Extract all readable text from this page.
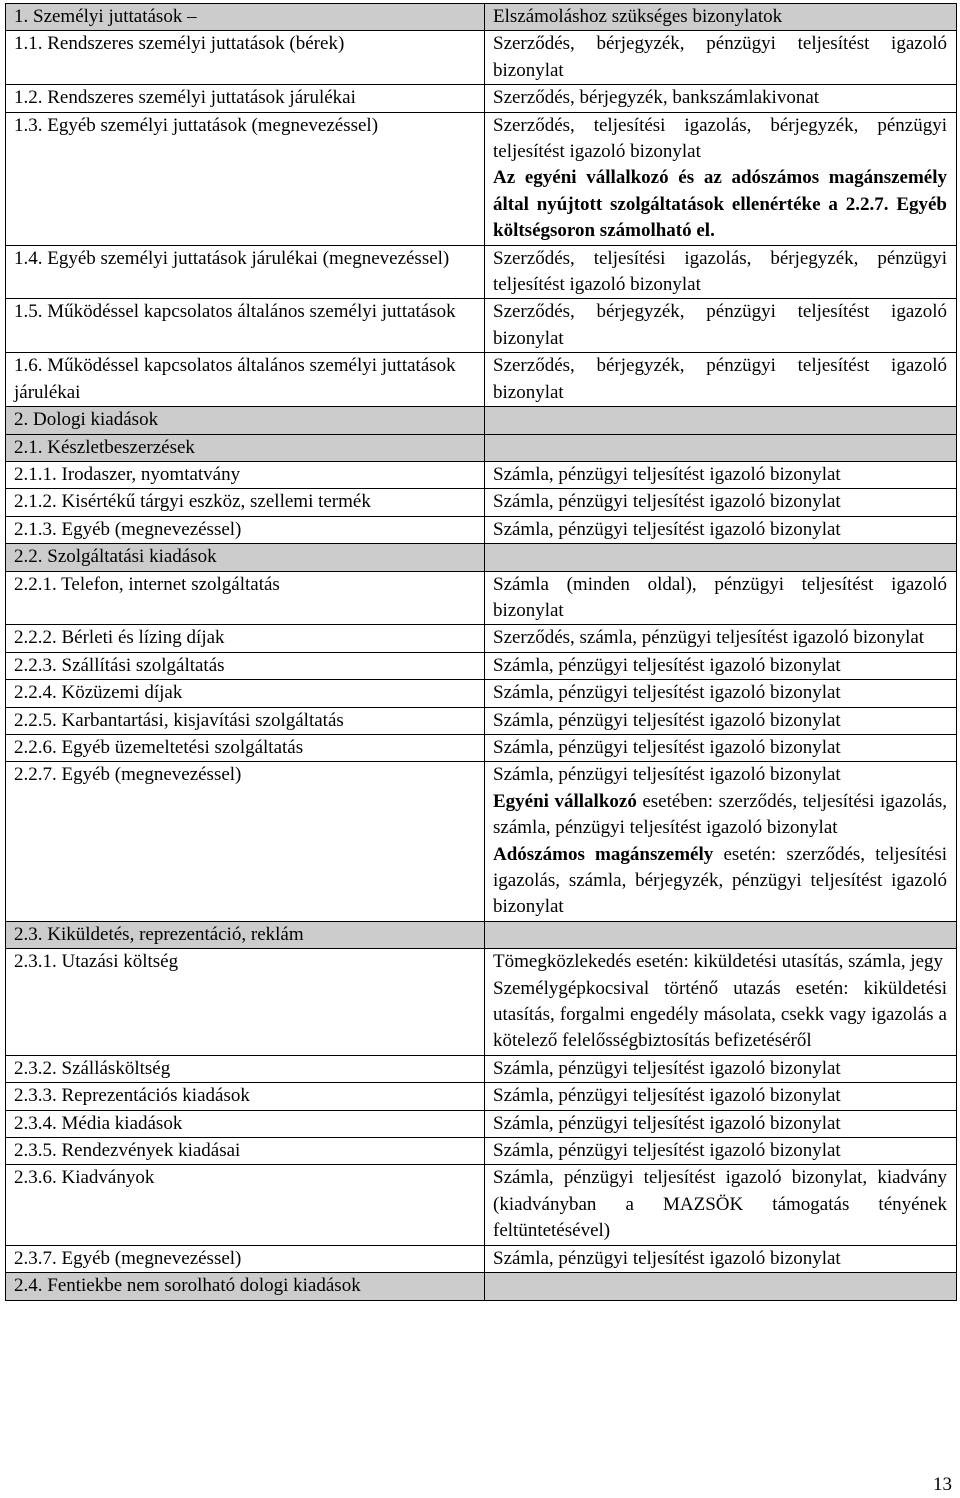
1. Személyi juttatások –	Elszámoláshoz szükséges bizonylatok
1.1. Rendszeres személyi juttatások (bérek)	Szerződés, bérjegyzék, pénzügyi teljesítést igazoló bizonylat
1.2. Rendszeres személyi juttatások járulékai	Szerződés, bérjegyzék, bankszámlakivonat
1.3. Egyéb személyi juttatások (megnevezéssel)	Szerződés, teljesítési igazolás, bérjegyzék, pénzügyi teljesítést igazoló bizonylat
Az egyéni vállalkozó és az adószámos magánszemély által nyújtott szolgáltatások ellenértéke a 2.2.7. Egyéb költségsoron számolható el.

1.4. Egyéb személyi juttatások járulékai (megnevezéssel)	Szerződés, teljesítési igazolás, bérjegyzék, pénzügyi teljesítést igazoló bizonylat
1.5. Működéssel kapcsolatos általános személyi juttatások	Szerződés, bérjegyzék, pénzügyi teljesítést igazoló bizonylat
1.6. Működéssel kapcsolatos általános személyi juttatások járulékai	Szerződés, bérjegyzék, pénzügyi teljesítést igazoló bizonylat
2. Dologi kiadások	
2.1. Készletbeszerzések	
2.1.1. Irodaszer, nyomtatvány	Számla, pénzügyi teljesítést igazoló bizonylat
2.1.2. Kisértékű tárgyi eszköz, szellemi termék	Számla, pénzügyi teljesítést igazoló bizonylat
2.1.3. Egyéb (megnevezéssel)	Számla, pénzügyi teljesítést igazoló bizonylat
2.2. Szolgáltatási kiadások	
2.2.1. Telefon, internet szolgáltatás	Számla (minden oldal), pénzügyi teljesítést igazoló bizonylat
2.2.2. Bérleti és lízing díjak	Szerződés, számla, pénzügyi teljesítést igazoló bizonylat
2.2.3. Szállítási szolgáltatás	Számla, pénzügyi teljesítést igazoló bizonylat
2.2.4. Közüzemi díjak	Számla, pénzügyi teljesítést igazoló bizonylat
2.2.5. Karbantartási, kisjavítási szolgáltatás	Számla, pénzügyi teljesítést igazoló bizonylat
2.2.6. Egyéb üzemeltetési szolgáltatás	Számla, pénzügyi teljesítést igazoló bizonylat
2.2.7. Egyéb (megnevezéssel)	Számla, pénzügyi teljesítést igazoló bizonylat
Egyéni vállalkozó esetében: szerződés, teljesítési igazolás, számla, pénzügyi teljesítést igazoló bizonylat
Adószámos magánszemély esetén: szerződés, teljesítési igazolás, számla, bérjegyzék, pénzügyi teljesítést igazoló bizonylat

2.3. Kiküldetés, reprezentáció, reklám	
2.3.1. Utazási költség	Tömegközlekedés esetén: kiküldetési utasítás, számla, jegy
Személygépkocsival történő utazás esetén: kiküldetési utasítás, forgalmi engedély másolata, csekk vagy igazolás a kötelező felelősségbiztosítás befizetéséről

2.3.2. Szállásköltség	Számla, pénzügyi teljesítést igazoló bizonylat
2.3.3. Reprezentációs kiadások	Számla, pénzügyi teljesítést igazoló bizonylat
2.3.4. Média kiadások	Számla, pénzügyi teljesítést igazoló bizonylat
2.3.5. Rendezvények kiadásai	Számla, pénzügyi teljesítést igazoló bizonylat
2.3.6. Kiadványok	Számla, pénzügyi teljesítést igazoló bizonylat, kiadvány (kiadványban a MAZSÖK támogatás tényének feltüntetésével)
2.3.7. Egyéb (megnevezéssel)	Számla, pénzügyi teljesítést igazoló bizonylat
2.4. Fentiekbe nem sorolható dologi kiadások	
13
